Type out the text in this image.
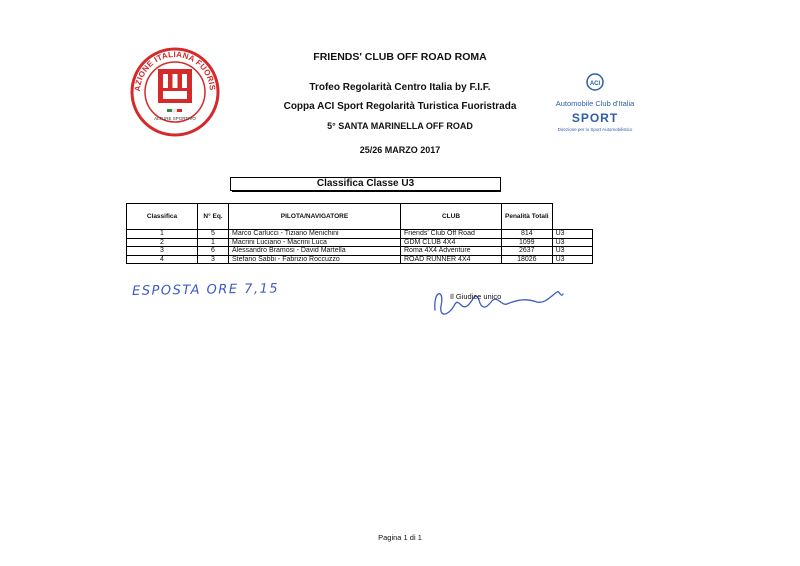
AZIONE ITALIANA FUORIS
ALTURE SPORTIVO
ACI
Automobile Club d'Italia
SPORT
Direzione per lo Sport Automobilistico
FRIENDS' CLUB OFF ROAD ROMA
Trofeo Regolarità Centro Italia by F.I.F.
Coppa ACI Sport Regolarità Turistica Fuoristrada
5° SANTA MARINELLA OFF ROAD
25/26 MARZO 2017
Classifica Classe U3
Classifica	N° Eq.	PILOTA/NAVIGATORE	CLUB	Penalità Totali	
1	5	Marco Carlucci - Tiziano Menichini	Friends' Club Off Road	814	U3
2	1	Macrini Luciano - Macrini Luca	GDM CLUB 4X4	1099	U3
3	6	Alessandro Bramosi - David Martella	Roma 4X4 Adventure	2637	U3
4	3	Stefano Sabbi - Fabrizio Roccuzzo	ROAD RUNNER 4X4	18026	U3
ESPOSTA ORE 7,15	Il Giudice unico
Pagina 1 di 1
